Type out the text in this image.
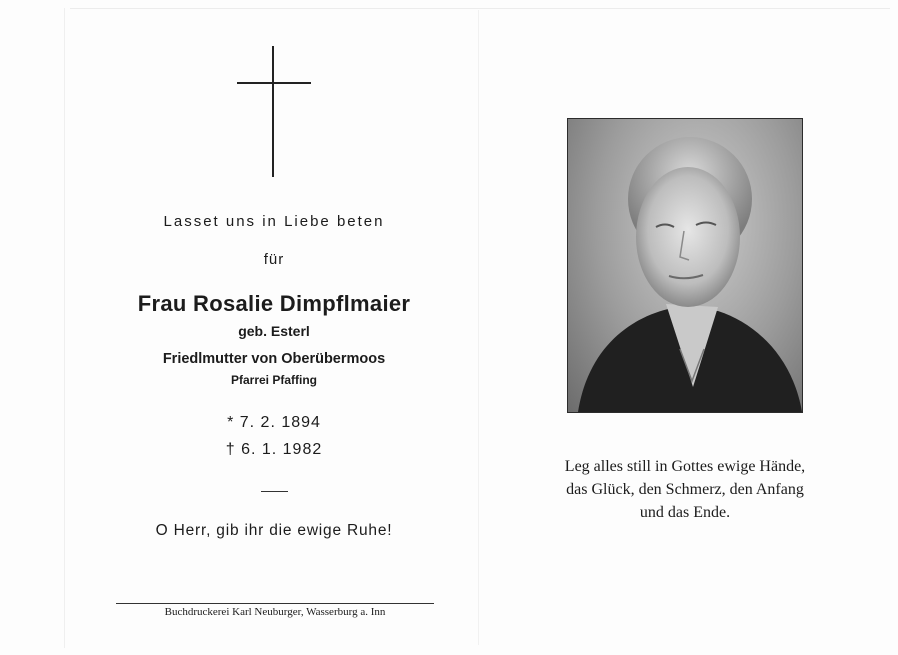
Lasset uns in Liebe beten
für
Frau Rosalie Dimpflmaier
geb. Esterl
Friedlmutter von Oberübermoos
Pfarrei Pfaffing
* 7. 2. 1894
† 6. 1. 1982
O Herr, gib ihr die ewige Ruhe!
Buchdruckerei Karl Neuburger, Wasserburg a. Inn
Leg alles still in Gottes ewige Hände,
das Glück, den Schmerz, den Anfang
und das Ende.
